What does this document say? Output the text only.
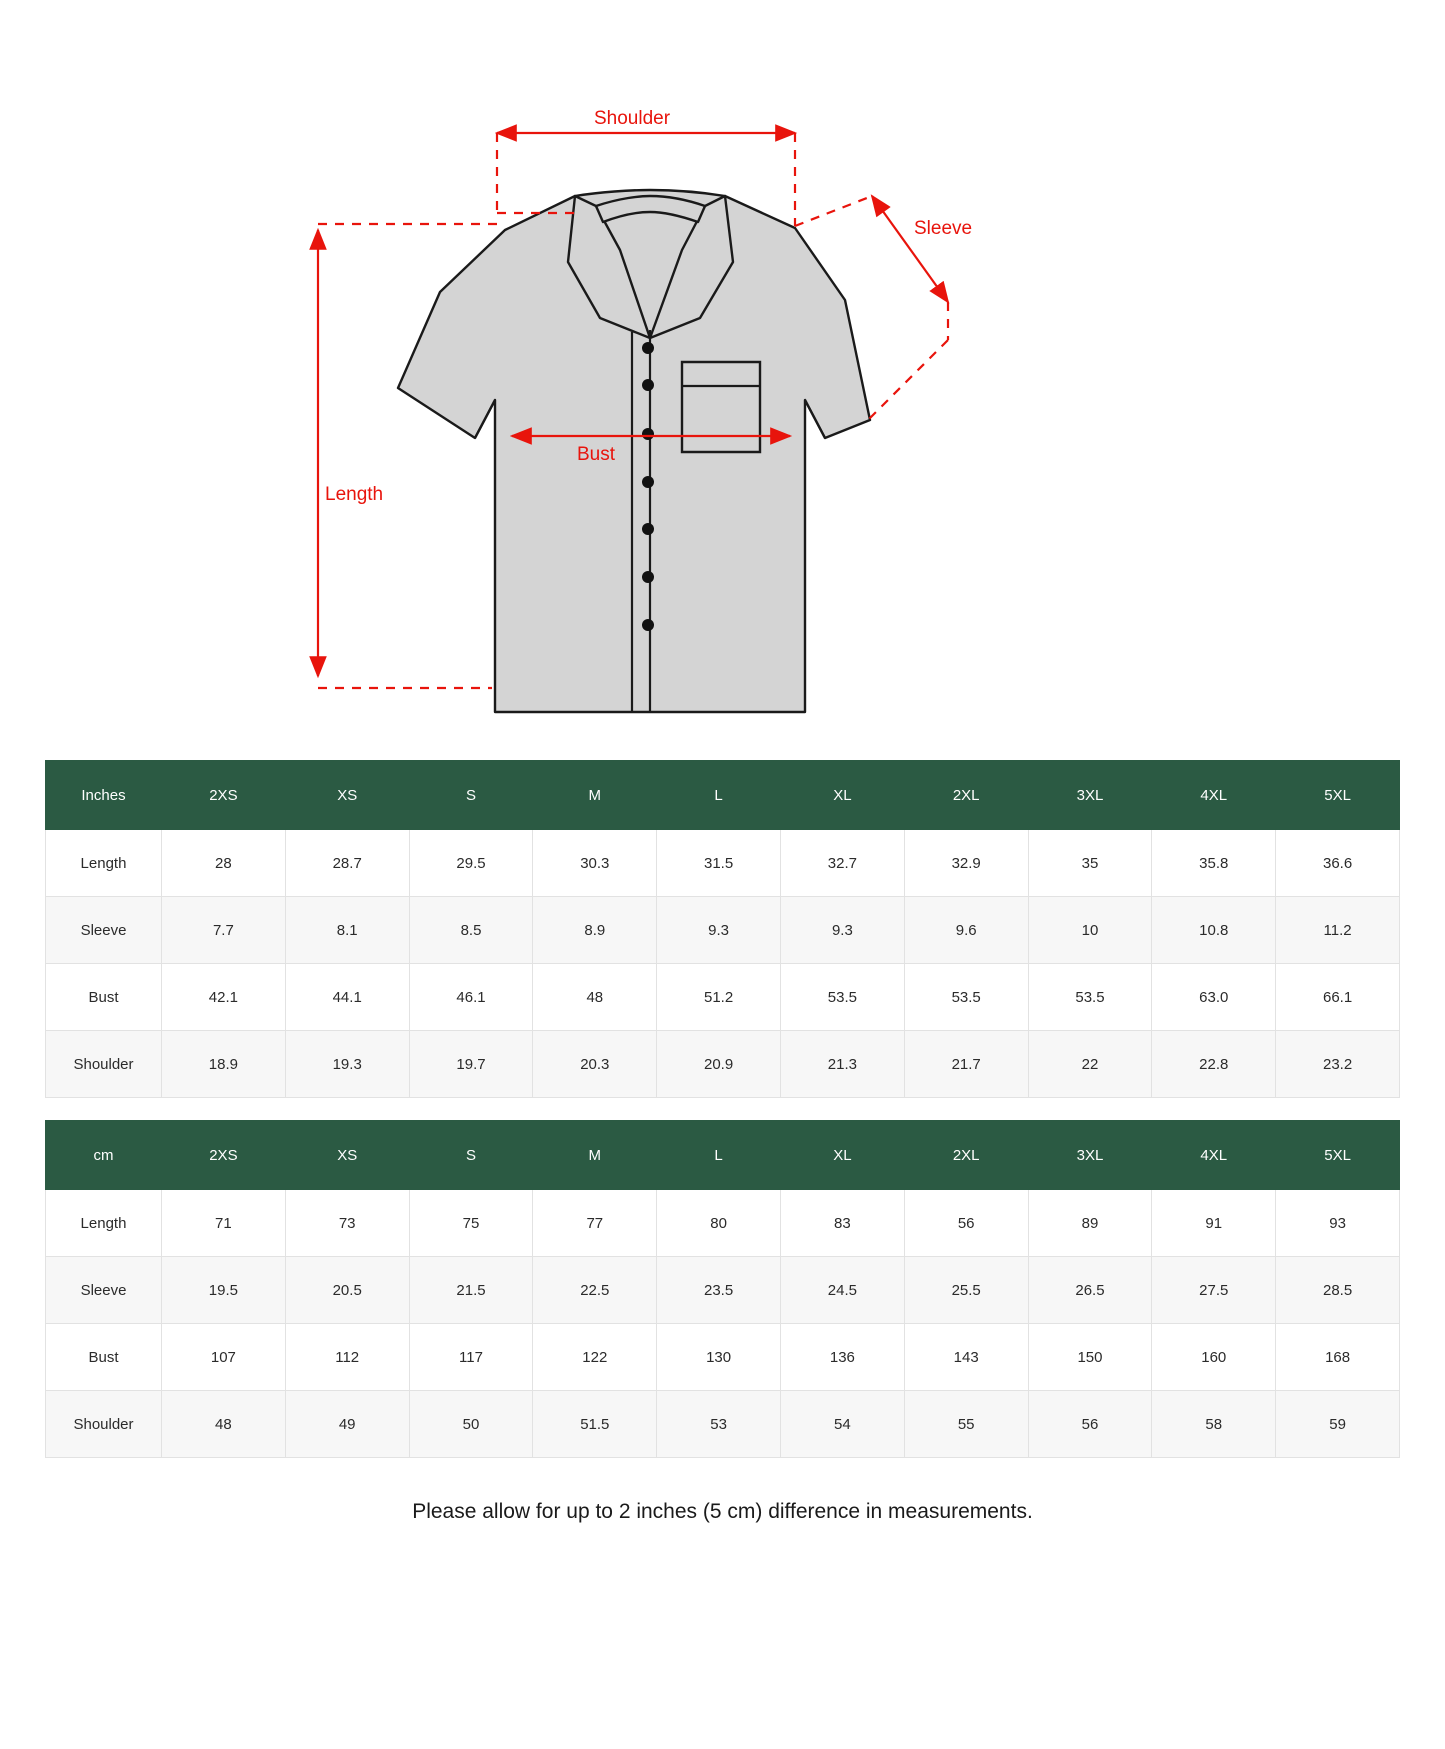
Shoulder
Sleeve
Bust
Length
Inches	2XS	XS	S	M	L	XL	2XL	3XL	4XL	5XL
Length	28	28.7	29.5	30.3	31.5	32.7	32.9	35	35.8	36.6
Sleeve	7.7	8.1	8.5	8.9	9.3	9.3	9.6	10	10.8	11.2
Bust	42.1	44.1	46.1	48	51.2	53.5	53.5	53.5	63.0	66.1
Shoulder	18.9	19.3	19.7	20.3	20.9	21.3	21.7	22	22.8	23.2
cm	2XS	XS	S	M	L	XL	2XL	3XL	4XL	5XL
Length	71	73	75	77	80	83	56	89	91	93
Sleeve	19.5	20.5	21.5	22.5	23.5	24.5	25.5	26.5	27.5	28.5
Bust	107	112	117	122	130	136	143	150	160	168
Shoulder	48	49	50	51.5	53	54	55	56	58	59
Please allow for up to 2 inches (5 cm) difference in measurements.
